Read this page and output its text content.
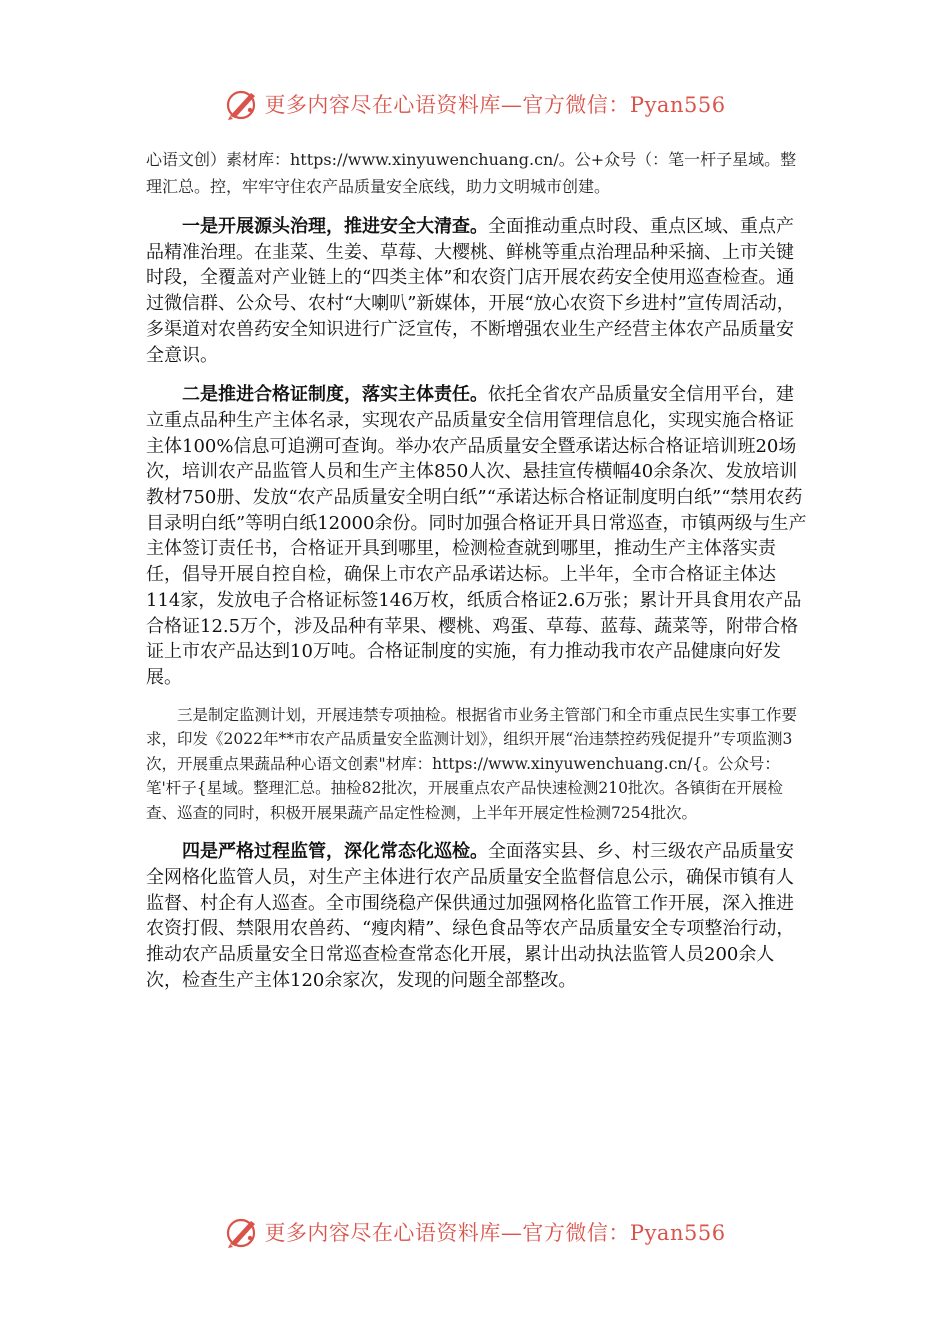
更多内容尽在心语资料库—官方微信：Pyan556

心语文创）素材库：https://www.xinyuwenchuang.cn/。公+众号（：笔一杆子星域。整理汇总。控，牢牢守住农产品质量安全底线，助力文明城市创建。

一是开展源头治理，推进安全大清查。全面推动重点时段、重点区域、重点产品精准治理。在韭菜、生姜、草莓、大樱桃、鲜桃等重点治理品种采摘、上市关键时段，全覆盖对产业链上的“四类主体”和农资门店开展农药安全使用巡查检查。通过微信群、公众号、农村“大喇叭”新媒体，开展“放心农资下乡进村”宣传周活动，多渠道对农兽药安全知识进行广泛宣传，不断增强农业生产经营主体农产品质量安全意识。

二是推进合格证制度，落实主体责任。依托全省农产品质量安全信用平台，建立重点品种生产主体名录，实现农产品质量安全信用管理信息化，实现实施合格证主体100%信息可追溯可查询。举办农产品质量安全暨承诺达标合格证培训班20场次，培训农产品监管人员和生产主体850人次、悬挂宣传横幅40余条次、发放培训教材750册、发放“农产品质量安全明白纸”“承诺达标合格证制度明白纸”“禁用农药目录明白纸”等明白纸12000余份。同时加强合格证开具日常巡查，市镇两级与生产主体签订责任书，合格证开具到哪里，检测检查就到哪里，推动生产主体落实责任，倡导开展自控自检，确保上市农产品承诺达标。上半年，全市合格证主体达114家，发放电子合格证标签146万枚，纸质合格证2.6万张；累计开具食用农产品合格证12.5万个，涉及品种有苹果、樱桃、鸡蛋、草莓、蓝莓、蔬菜等，附带合格证上市农产品达到10万吨。合格证制度的实施，有力推动我市农产品健康向好发展。

三是制定监测计划，开展违禁专项抽检。根据省市业务主管部门和全市重点民生实事工作要求，印发《2022年**市农产品质量安全监测计划》，组织开展“治违禁控药残促提升”专项监测3次，开展重点果蔬品种心语文创素"材库：https://www.xinyuwenchuang.cn/{。公众号：笔'杆子{星域。整理汇总。抽检82批次，开展重点农产品快速检测210批次。各镇街在开展检查、巡查的同时，积极开展果蔬产品定性检测，上半年开展定性检测7254批次。

四是严格过程监管，深化常态化巡检。全面落实县、乡、村三级农产品质量安全网格化监管人员，对生产主体进行农产品质量安全监督信息公示，确保市镇有人监督、村企有人巡查。全市围绕稳产保供通过加强网格化监管工作开展，深入推进农资打假、禁限用农兽药、“瘦肉精”、绿色食品等农产品质量安全专项整治行动，推动农产品质量安全日常巡查检查常态化开展，累计出动执法监管人员200余人次，检查生产主体120余家次，发现的问题全部整改。

更多内容尽在心语资料库—官方微信：Pyan556
